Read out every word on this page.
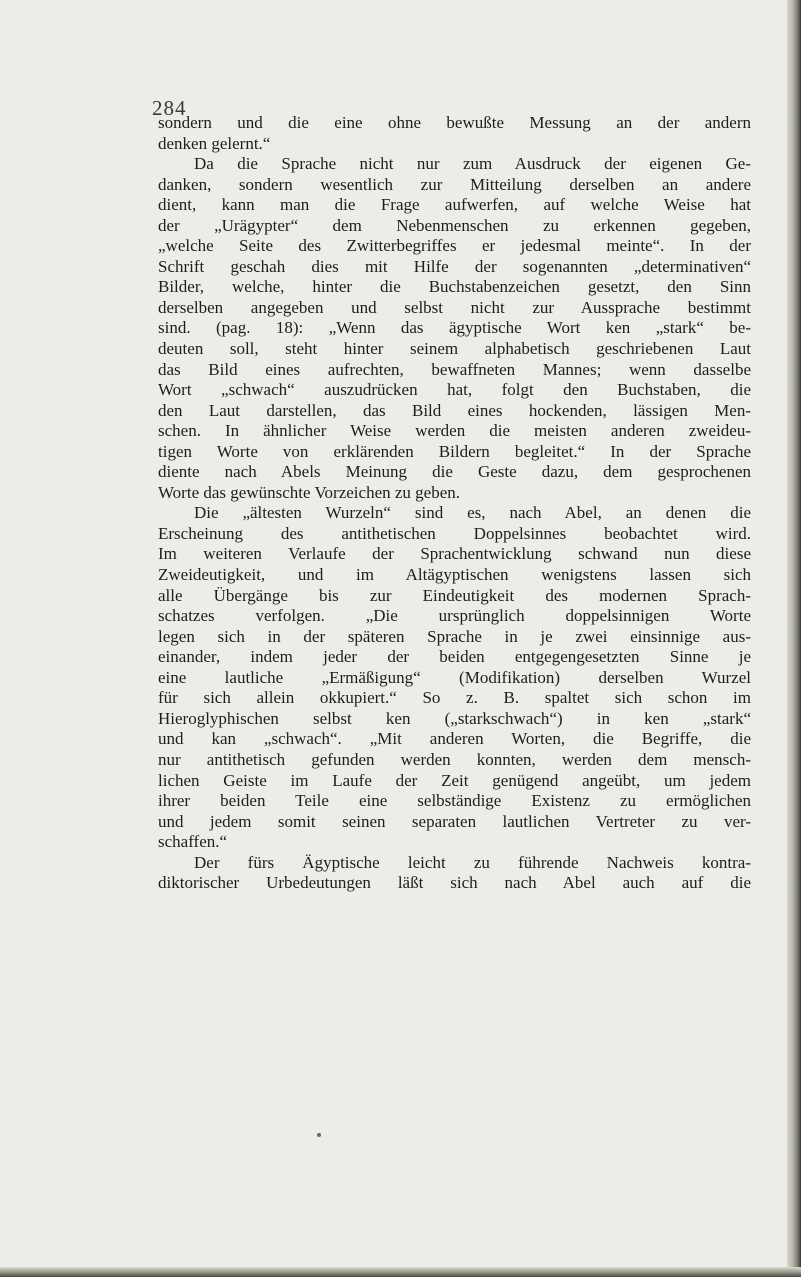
284
sondern und die eine ohne bewußte Messung an der andern
denken gelernt.“
Da die Sprache nicht nur zum Ausdruck der eigenen Ge-
danken, sondern wesentlich zur Mitteilung derselben an andere
dient, kann man die Frage aufwerfen, auf welche Weise hat
der „Urägypter“ dem Nebenmenschen zu erkennen gegeben,
„welche Seite des Zwitterbegriffes er jedesmal meinte“. In der
Schrift geschah dies mit Hilfe der sogenannten „determinativen“
Bilder, welche, hinter die Buchstabenzeichen gesetzt, den Sinn
derselben angegeben und selbst nicht zur Aussprache bestimmt
sind. (pag. 18): „Wenn das ägyptische Wort ken „stark“ be-
deuten soll, steht hinter seinem alphabetisch geschriebenen Laut
das Bild eines aufrechten, bewaffneten Mannes; wenn dasselbe
Wort „schwach“ auszudrücken hat, folgt den Buchstaben, die
den Laut darstellen, das Bild eines hockenden, lässigen Men-
schen. In ähnlicher Weise werden die meisten anderen zweideu-
tigen Worte von erklärenden Bildern begleitet.“ In der Sprache
diente nach Abels Meinung die Geste dazu, dem gesprochenen
Worte das gewünschte Vorzeichen zu geben.
Die „ältesten Wurzeln“ sind es, nach Abel, an denen die
Erscheinung des antithetischen Doppelsinnes beobachtet wird.
Im weiteren Verlaufe der Sprachentwicklung schwand nun diese
Zweideutigkeit, und im Altägyptischen wenigstens lassen sich
alle Übergänge bis zur Eindeutigkeit des modernen Sprach-
schatzes verfolgen. „Die ursprünglich doppelsinnigen Worte
legen sich in der späteren Sprache in je zwei einsinnige aus-
einander, indem jeder der beiden entgegengesetzten Sinne je
eine lautliche „Ermäßigung“ (Modifikation) derselben Wurzel
für sich allein okkupiert.“ So z. B. spaltet sich schon im
Hieroglyphischen selbst ken („starkschwach“) in ken „stark“
und kan „schwach“. „Mit anderen Worten, die Begriffe, die
nur antithetisch gefunden werden konnten, werden dem mensch-
lichen Geiste im Laufe der Zeit genügend angeübt, um jedem
ihrer beiden Teile eine selbständige Existenz zu ermöglichen
und jedem somit seinen separaten lautlichen Vertreter zu ver-
schaffen.“
Der fürs Ägyptische leicht zu führende Nachweis kontra-
diktorischer Urbedeutungen läßt sich nach Abel auch auf die
